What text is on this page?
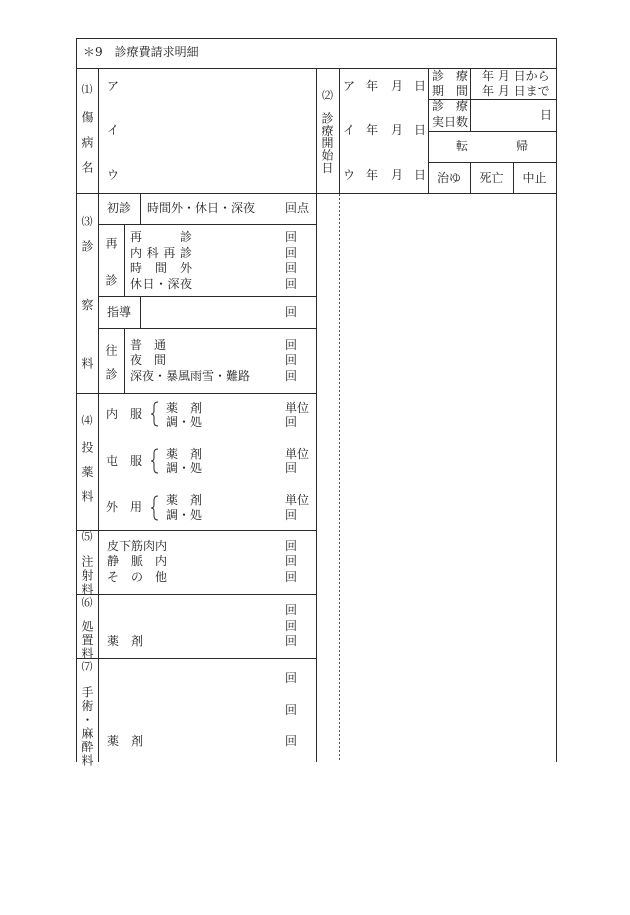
＊9　診療費請求明細
⑴
傷病名
ア
イ
ウ
⑵
診療開始日
ア 年 月 日
イ 年 月 日
ウ 年 月 日
診　療
期　間
年 月 日から
年 月 日まで
診　療
実日数	日
転　　　　帰
治ゆ	死亡	中止
⑶
診察料
初診 時間外・休日・深夜 回点
再診 再　　　診	回
内科再診	回
時　間　外	回
休日・深夜	回
指導	回
往診 普　通	回
夜　間	回
深夜・暴風雨雪・難路	回
⑷
投薬料
内　服 薬　剤	単位
調・処	回
屯　服 薬　剤	単位
調・処	回
外　用 薬　剤	単位
調・処	回
⑸
注射料
皮下筋肉内	回
静　脈　内	回
そ　の　他	回
⑹
処置料
回
回
薬　剤	回
⑺
手術・麻酔料
回
回
薬　剤	回
